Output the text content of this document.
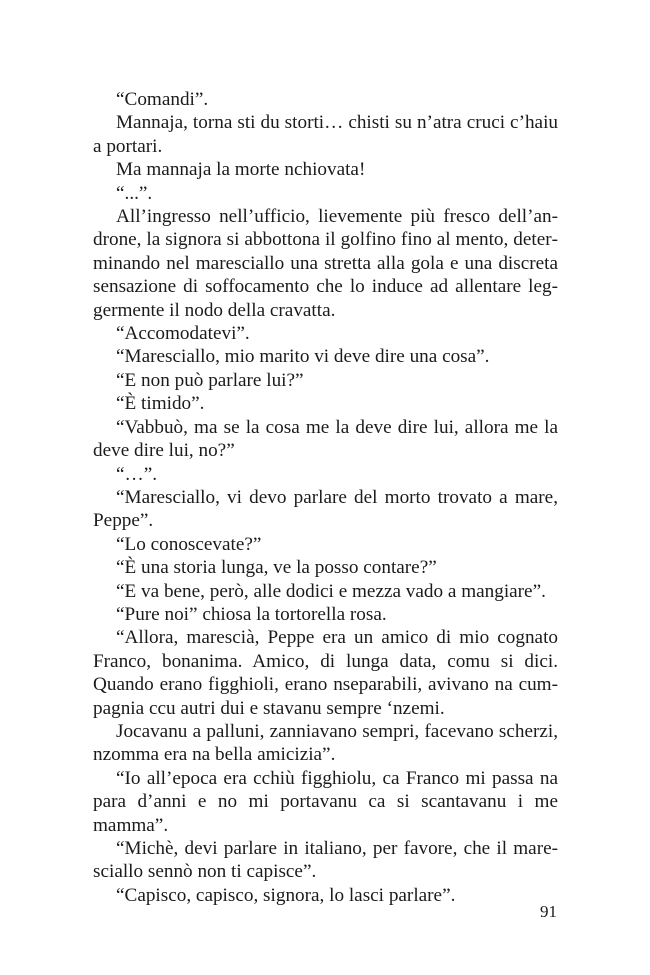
“Comandi”.

Mannaja, torna sti du storti… chisti su n’atra cruci c’haiu a portari.

Ma mannaja la morte nchiovata!

“...”.

All’ingresso nell’ufficio, lievemente più fresco dell’androne, la signora si abbottona il golfino fino al mento, determinando nel maresciallo una stretta alla gola e una discreta sensazione di soffocamento che lo induce ad allentare leggermente il nodo della cravatta.

“Accomodatevi”.

“Maresciallo, mio marito vi deve dire una cosa”.

“E non può parlare lui?”

“È timido”.

“Vabbuò, ma se la cosa me la deve dire lui, allora me la deve dire lui, no?”

“…”.

“Maresciallo, vi devo parlare del morto trovato a mare, Peppe”.

“Lo conoscevate?”

“È una storia lunga, ve la posso contare?”

“E va bene, però, alle dodici e mezza vado a mangiare”.

“Pure noi” chiosa la tortorella rosa.

“Allora, marescià, Peppe era un amico di mio cognato Franco, bonanima. Amico, di lunga data, comu si dici. Quando erano figghioli, erano nseparabili, avivano na cumpagnia ccu autri dui e stavanu sempre ‘nzemi.

Jocavanu a palluni, zanniavano sempri, facevano scherzi, nzomma era na bella amicizia”.

“Io all’epoca era cchiù figghiolu, ca Franco mi passa na para d’anni e no mi portavanu ca si scantavanu i me mamma”.

“Michè, devi parlare in italiano, per favore, che il maresciallo sennò non ti capisce”.

“Capisco, capisco, signora, lo lasci parlare”.

91
